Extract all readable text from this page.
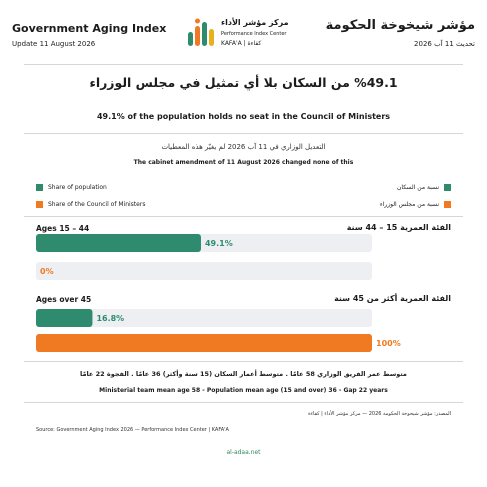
Government Aging Index
Update 11 August 2026
مؤشر شيخوخة الحكومة
تحديث 11 آب 2026
مركز مؤشر الأداء
Performance Index Center
KAFA'A | كفاءة
%49.1 من السكان بلا أي تمثيل في مجلس الوزراء
49.1% of the population holds no seat in the Council of Ministers
التعديل الوزاري في 11 آب 2026 لم يغيّر هذه المعطيات
The cabinet amendment of 11 August 2026 changed none of this
Share of population
Share of the Council of Ministers
نسبة من السكان
نسبة من مجلس الوزراء
Ages 15 – 44	الفئة العمرية 15 – 44 سنة
Ages over 45	الفئة العمرية أكثر من 45 سنة
49.1%
16.8%
0%
100%
متوسط عمر الفريق الوزاري 58 عامًا . متوسط أعمار السكان (15 سنة وأكثر) 36 عامًا . الفجوة 22 عامًا
Ministerial team mean age 58 - Population mean age (15 and over) 36 - Gap 22 years
المصدر: مؤشر شيخوخة الحكومة 2026 — مركز مؤشر الأداء | كفاءة
Source: Government Aging Index 2026 — Performance Index Center | KAFA'A
al-adaa.net
